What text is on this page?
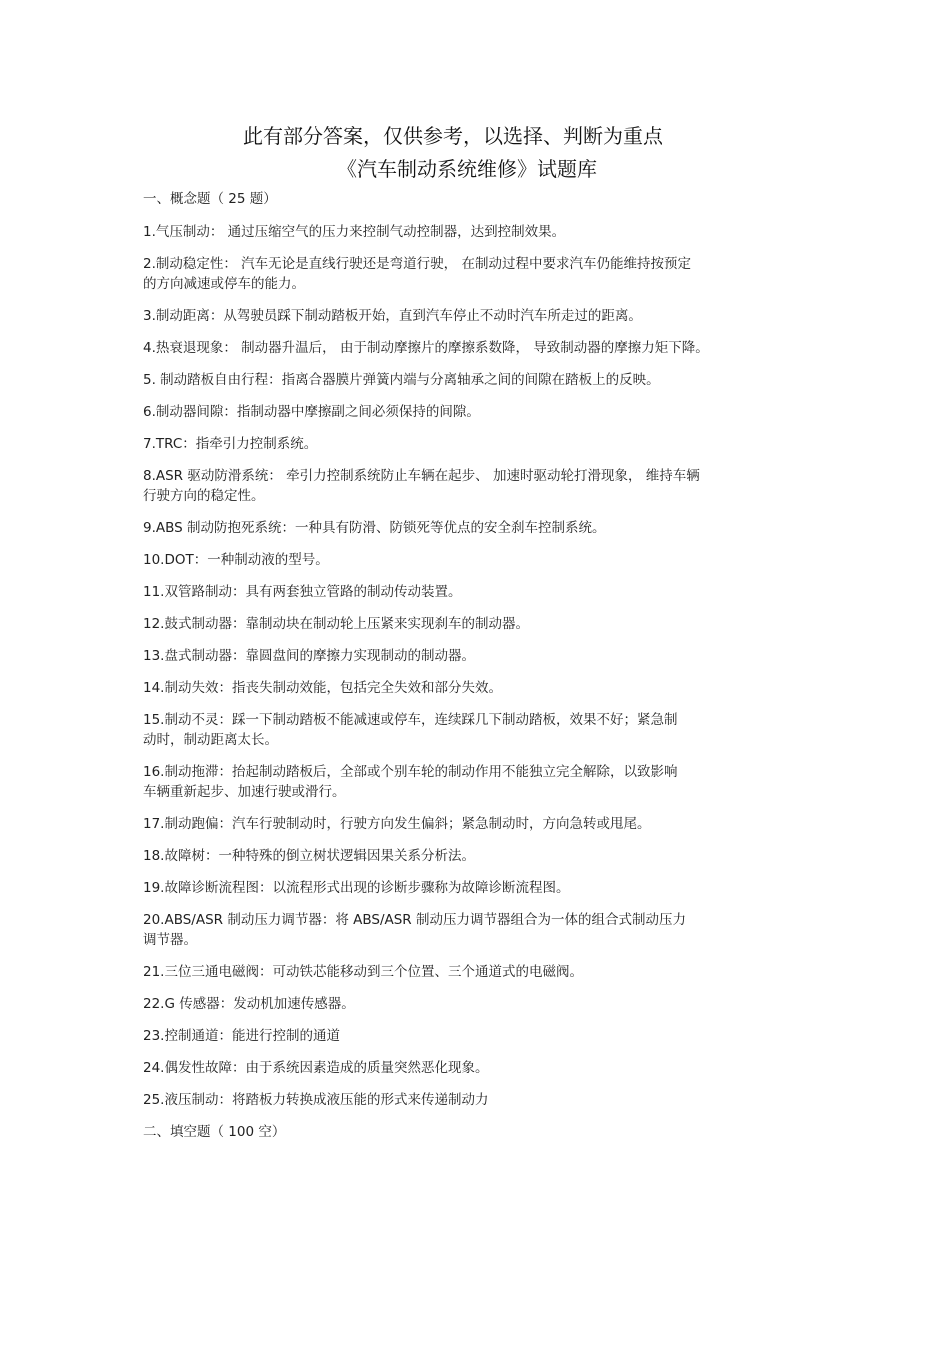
此有部分答案，仅供参考，以选择、判断为重点
《汽车制动系统维修》试题库
一、概念题（ 25 题）
1.气压制动： 通过压缩空气的压力来控制气动控制器，达到控制效果。
2.制动稳定性： 汽车无论是直线行驶还是弯道行驶， 在制动过程中要求汽车仍能维持按预定
的方向减速或停车的能力。
3.制动距离：从驾驶员踩下制动踏板开始，直到汽车停止不动时汽车所走过的距离。
4.热衰退现象： 制动器升温后， 由于制动摩擦片的摩擦系数降， 导致制动器的摩擦力矩下降。
5. 制动踏板自由行程：指离合器膜片弹簧内端与分离轴承之间的间隙在踏板上的反映。
6.制动器间隙：指制动器中摩擦副之间必须保持的间隙。
7.TRC：指牵引力控制系统。
8.ASR 驱动防滑系统： 牵引力控制系统防止车辆在起步、 加速时驱动轮打滑现象， 维持车辆
行驶方向的稳定性。
9.ABS 制动防抱死系统：一种具有防滑、防锁死等优点的安全刹车控制系统。
10.DOT：一种制动液的型号。
11.双管路制动：具有两套独立管路的制动传动装置。
12.鼓式制动器：靠制动块在制动轮上压紧来实现刹车的制动器。
13.盘式制动器：靠圆盘间的摩擦力实现制动的制动器。
14.制动失效：指丧失制动效能，包括完全失效和部分失效。
15.制动不灵：踩一下制动踏板不能减速或停车，连续踩几下制动踏板，效果不好；紧急制
动时，制动距离太长。
16.制动拖滞：抬起制动踏板后，全部或个别车轮的制动作用不能独立完全解除，以致影响
车辆重新起步、加速行驶或滑行。
17.制动跑偏：汽车行驶制动时，行驶方向发生偏斜；紧急制动时，方向急转或甩尾。
18.故障树：一种特殊的倒立树状逻辑因果关系分析法。
19.故障诊断流程图：以流程形式出现的诊断步骤称为故障诊断流程图。
20.ABS/ASR 制动压力调节器：将 ABS/ASR 制动压力调节器组合为一体的组合式制动压力
调节器。
21.三位三通电磁阀：可动铁芯能移动到三个位置、三个通道式的电磁阀。
22.G 传感器：发动机加速传感器。
23.控制通道：能进行控制的通道
24.偶发性故障：由于系统因素造成的质量突然恶化现象。
25.液压制动：将踏板力转换成液压能的形式来传递制动力
二、填空题（ 100 空）
